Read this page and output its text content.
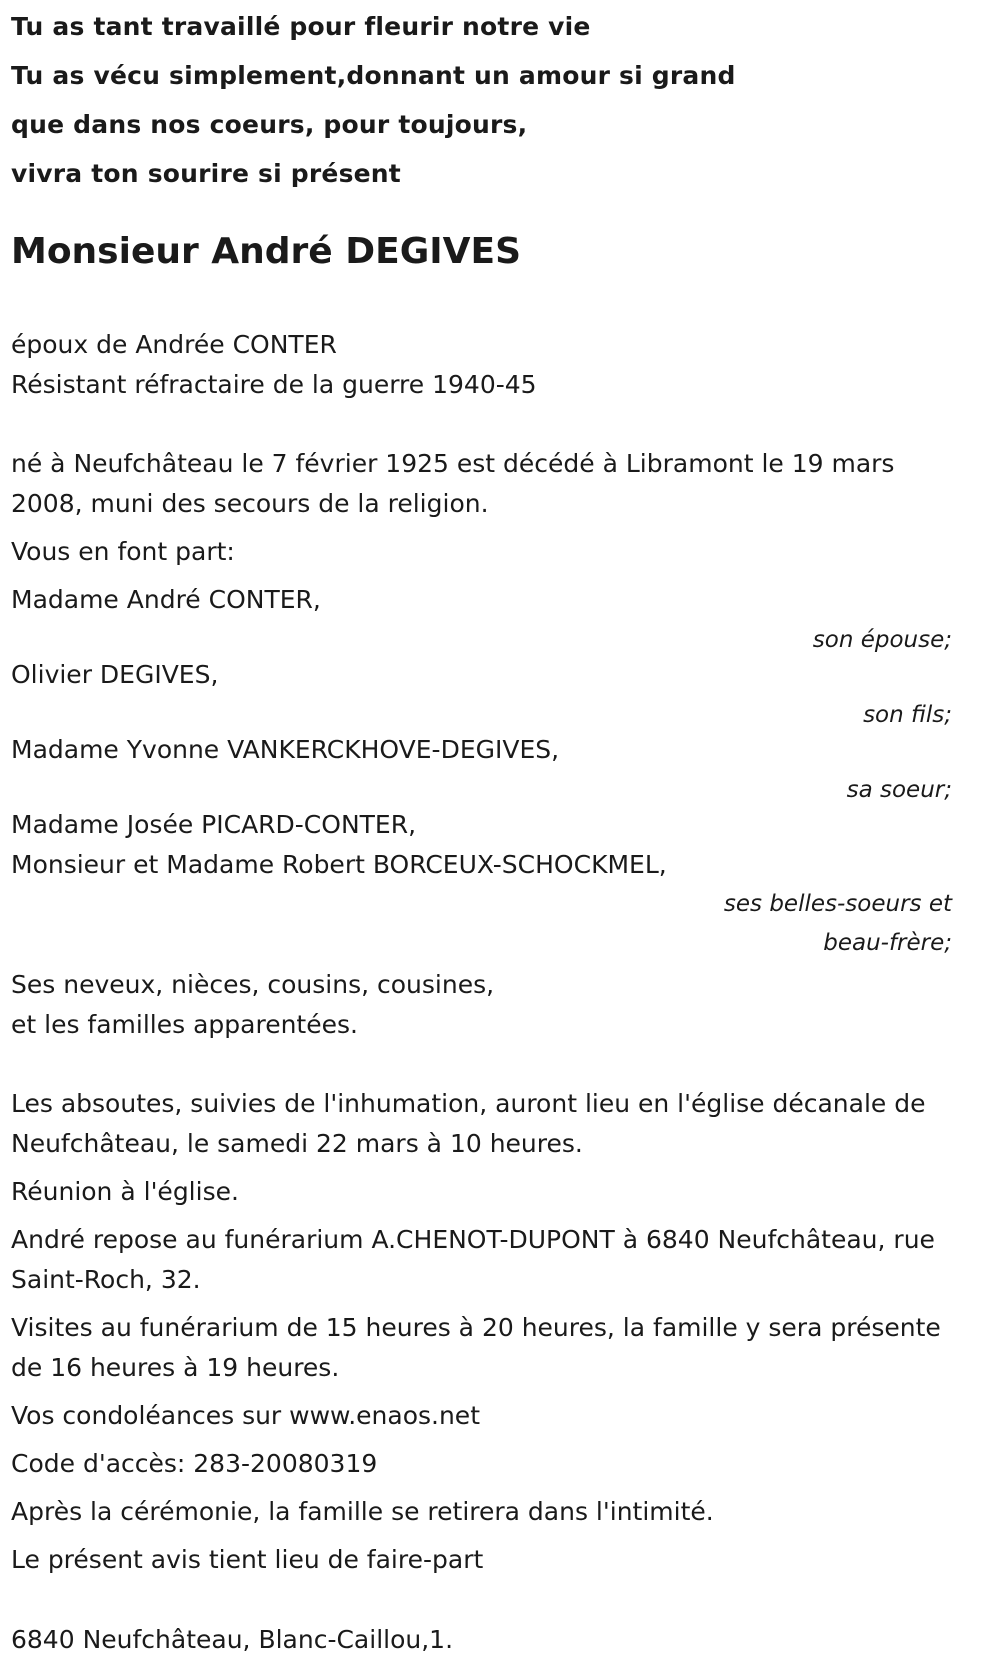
Tu as tant travaillé pour fleurir notre vie

Tu as vécu simplement,donnant un amour si grand

que dans nos coeurs, pour toujours,

vivra ton sourire si présent

Monsieur André DEGIVES

époux de Andrée CONTER

Résistant réfractaire de la guerre 1940-45

né à Neufchâteau le 7 février 1925 est décédé à Libramont le 19 mars 2008, muni des secours de la religion.

Vous en font part:

Madame André CONTER,

son épouse;

Olivier DEGIVES,

son fils;

Madame Yvonne VANKERCKHOVE-DEGIVES,

sa soeur;

Madame Josée PICARD-CONTER,

Monsieur et Madame Robert BORCEUX-SCHOCKMEL,

ses belles-soeurs et beau-frère;

Ses neveux, nièces, cousins, cousines,

et les familles apparentées.

Les absoutes, suivies de l'inhumation, auront lieu en l'église décanale de Neufchâteau, le samedi 22 mars à 10 heures.

Réunion à l'église.

André repose au funérarium A.CHENOT-DUPONT à 6840 Neufchâteau, rue Saint-Roch, 32.

Visites au funérarium de 15 heures à 20 heures, la famille y sera présente de 16 heures à 19 heures.

Vos condoléances sur www.enaos.net

Code d'accès: 283-20080319

Après la cérémonie, la famille se retirera dans l'intimité.

Le présent avis tient lieu de faire-part

6840 Neufchâteau, Blanc-Caillou,1.
